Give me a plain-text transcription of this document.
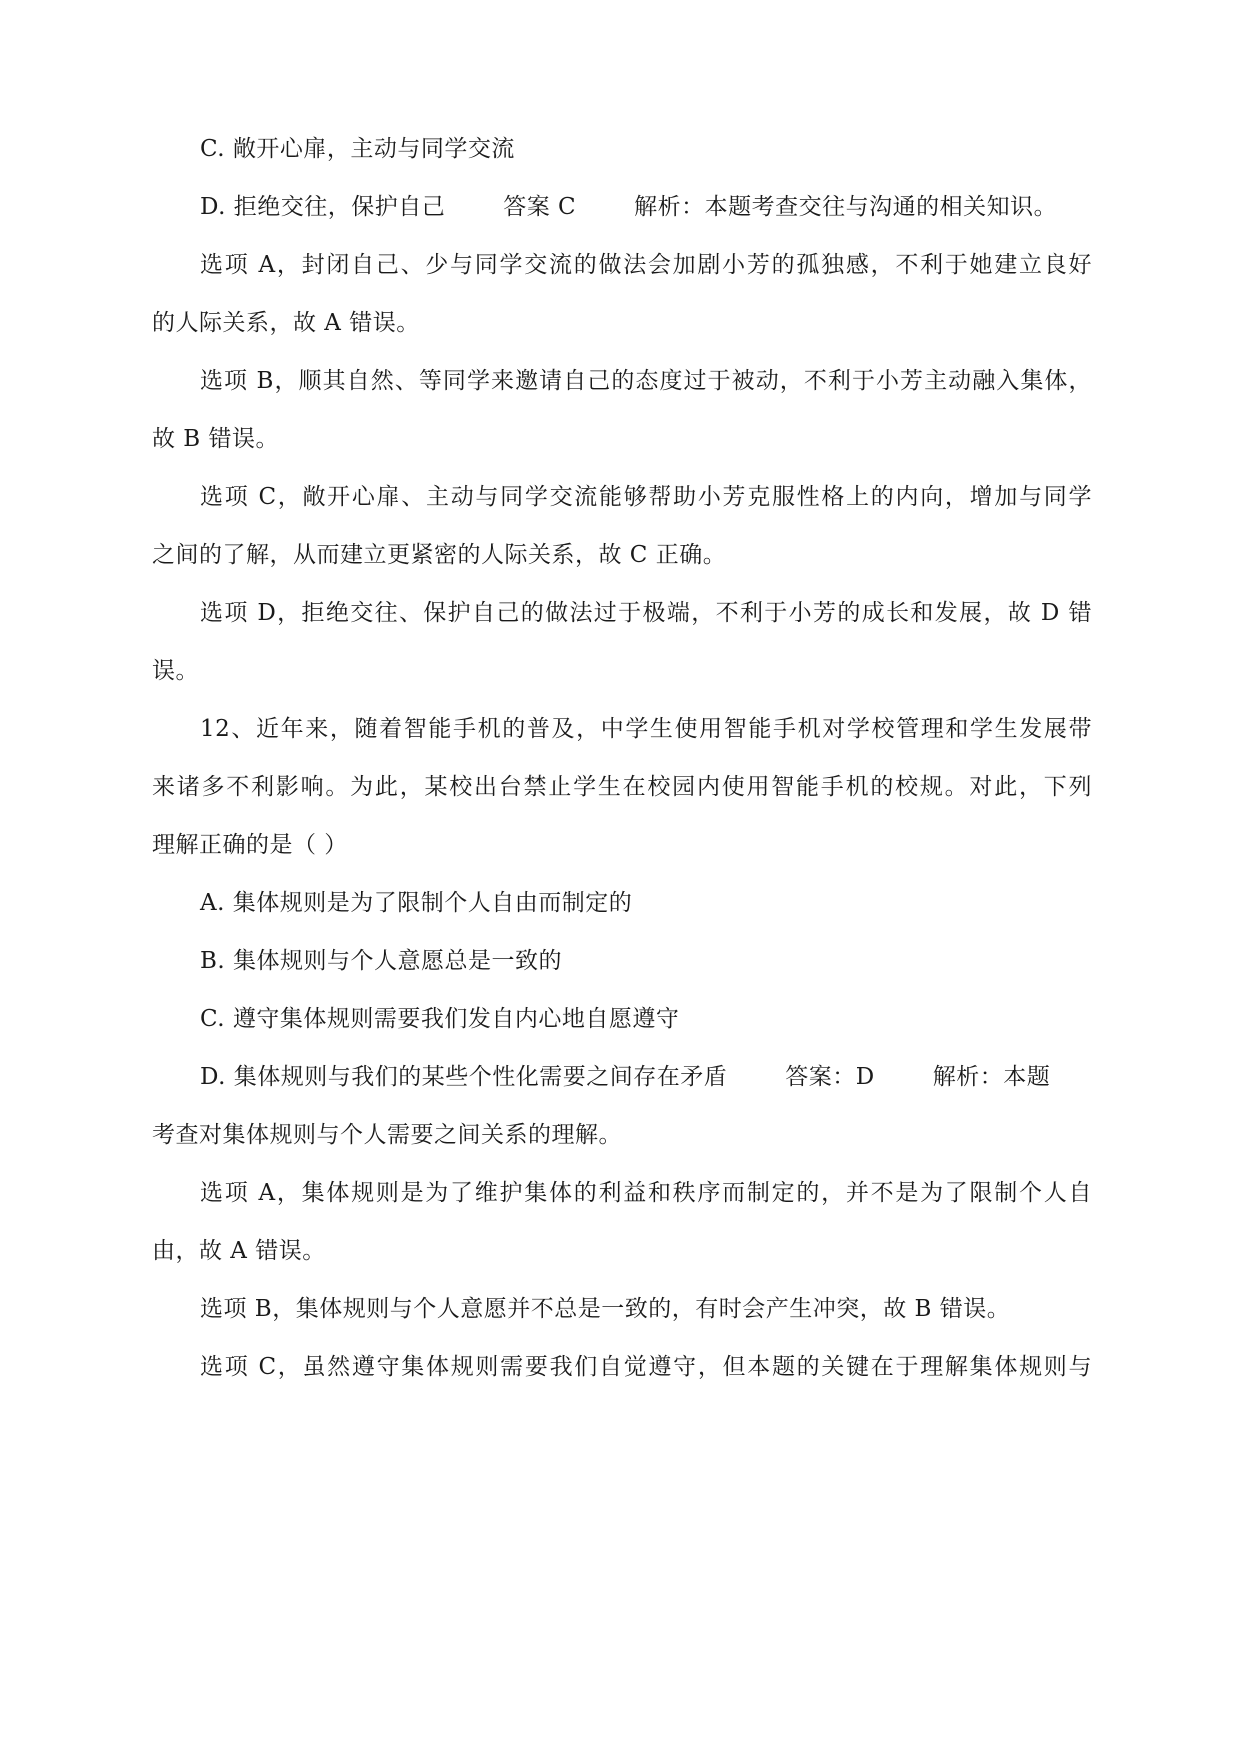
C. 敞开心扉，主动与同学交流
D. 拒绝交往，保护自己	答案 C	解析：本题考查交往与沟通的相关知识。
选项 A，封闭自己、少与同学交流的做法会加剧小芳的孤独感，不利于她建立良好
的人际关系，故 A 错误。
选项 B，顺其自然、等同学来邀请自己的态度过于被动，不利于小芳主动融入集体，
故 B 错误。
选项 C，敞开心扉、主动与同学交流能够帮助小芳克服性格上的内向，增加与同学
之间的了解，从而建立更紧密的人际关系，故 C 正确。
选项 D，拒绝交往、保护自己的做法过于极端，不利于小芳的成长和发展，故 D 错
误。
12、近年来，随着智能手机的普及，中学生使用智能手机对学校管理和学生发展带
来诸多不利影响。为此，某校出台禁止学生在校园内使用智能手机的校规。对此，下列
理解正确的是（ ）
A. 集体规则是为了限制个人自由而制定的
B. 集体规则与个人意愿总是一致的
C. 遵守集体规则需要我们发自内心地自愿遵守
D. 集体规则与我们的某些个性化需要之间存在矛盾	答案：D	解析：本题
考查对集体规则与个人需要之间关系的理解。
选项 A，集体规则是为了维护集体的利益和秩序而制定的，并不是为了限制个人自
由，故 A 错误。
选项 B，集体规则与个人意愿并不总是一致的，有时会产生冲突，故 B 错误。
选项 C，虽然遵守集体规则需要我们自觉遵守，但本题的关键在于理解集体规则与
